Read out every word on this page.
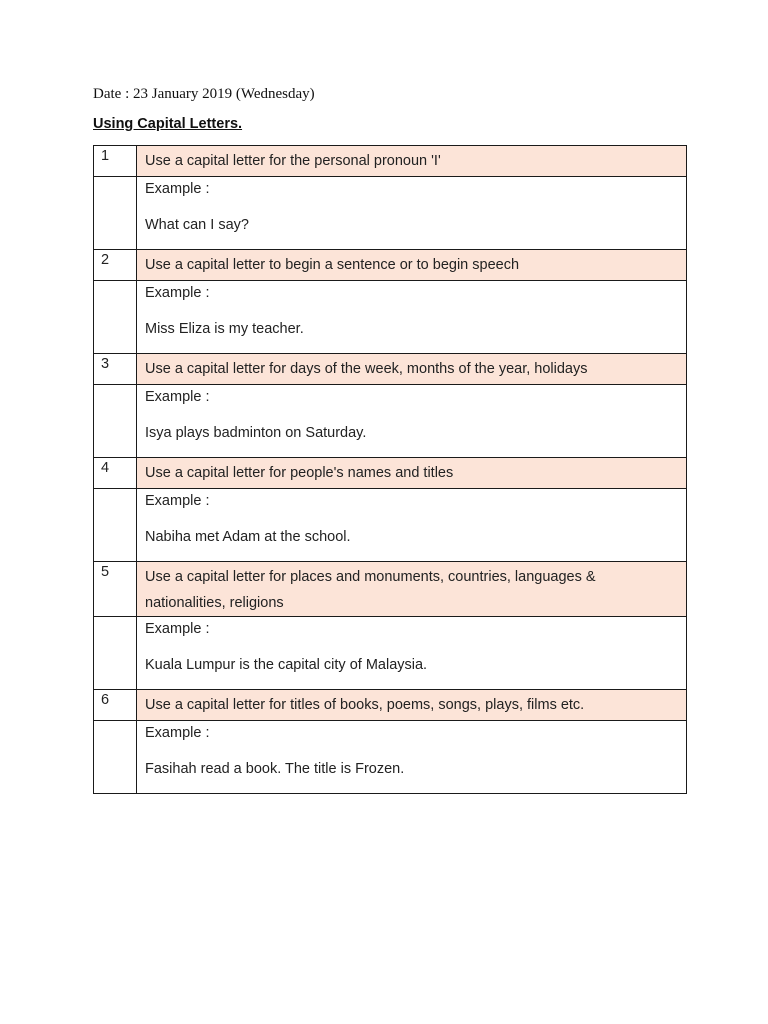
Date : 23 January 2019 (Wednesday)
Using Capital Letters.
1	Use a capital letter for the personal pronoun 'I'

	Example :
What can I say?

2	Use a capital letter to begin a sentence or to begin speech

	Example :
Miss Eliza is my teacher.

3	Use a capital letter for days of the week, months of the year, holidays

	Example :
Isya plays badminton on Saturday.

4	Use a capital letter for people's names and titles

	Example :
Nabiha met Adam at the school.

5	Use a capital letter for places and monuments, countries, languages & nationalities, religions

	Example :
Kuala Lumpur is the capital city of Malaysia.

6	Use a capital letter for titles of books, poems, songs, plays, films etc.

	Example :
Fasihah read a book. The title is Frozen.
